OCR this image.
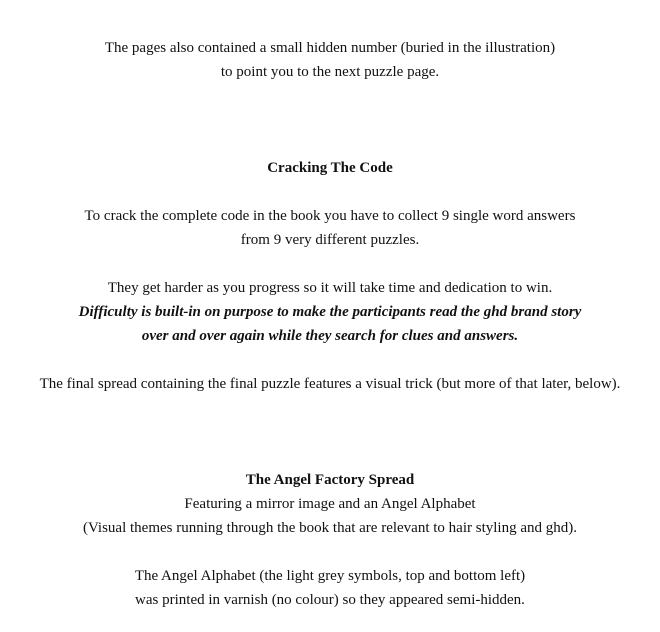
The pages also contained a small hidden number (buried in the illustration)
to point you to the next puzzle page.
Cracking The Code
To crack the complete code in the book you have to collect 9 single word answers
from 9 very different puzzles.
They get harder as you progress so it will take time and dedication to win.
Difficulty is built-in on purpose to make the participants read the ghd brand story
over and over again while they search for clues and answers.
The final spread containing the final puzzle features a visual trick (but more of that later, below).
The Angel Factory Spread
Featuring a mirror image and an Angel Alphabet
(Visual themes running through the book that are relevant to hair styling and ghd).
The Angel Alphabet (the light grey symbols, top and bottom left)
was printed in varnish (no colour) so they appeared semi-hidden.
